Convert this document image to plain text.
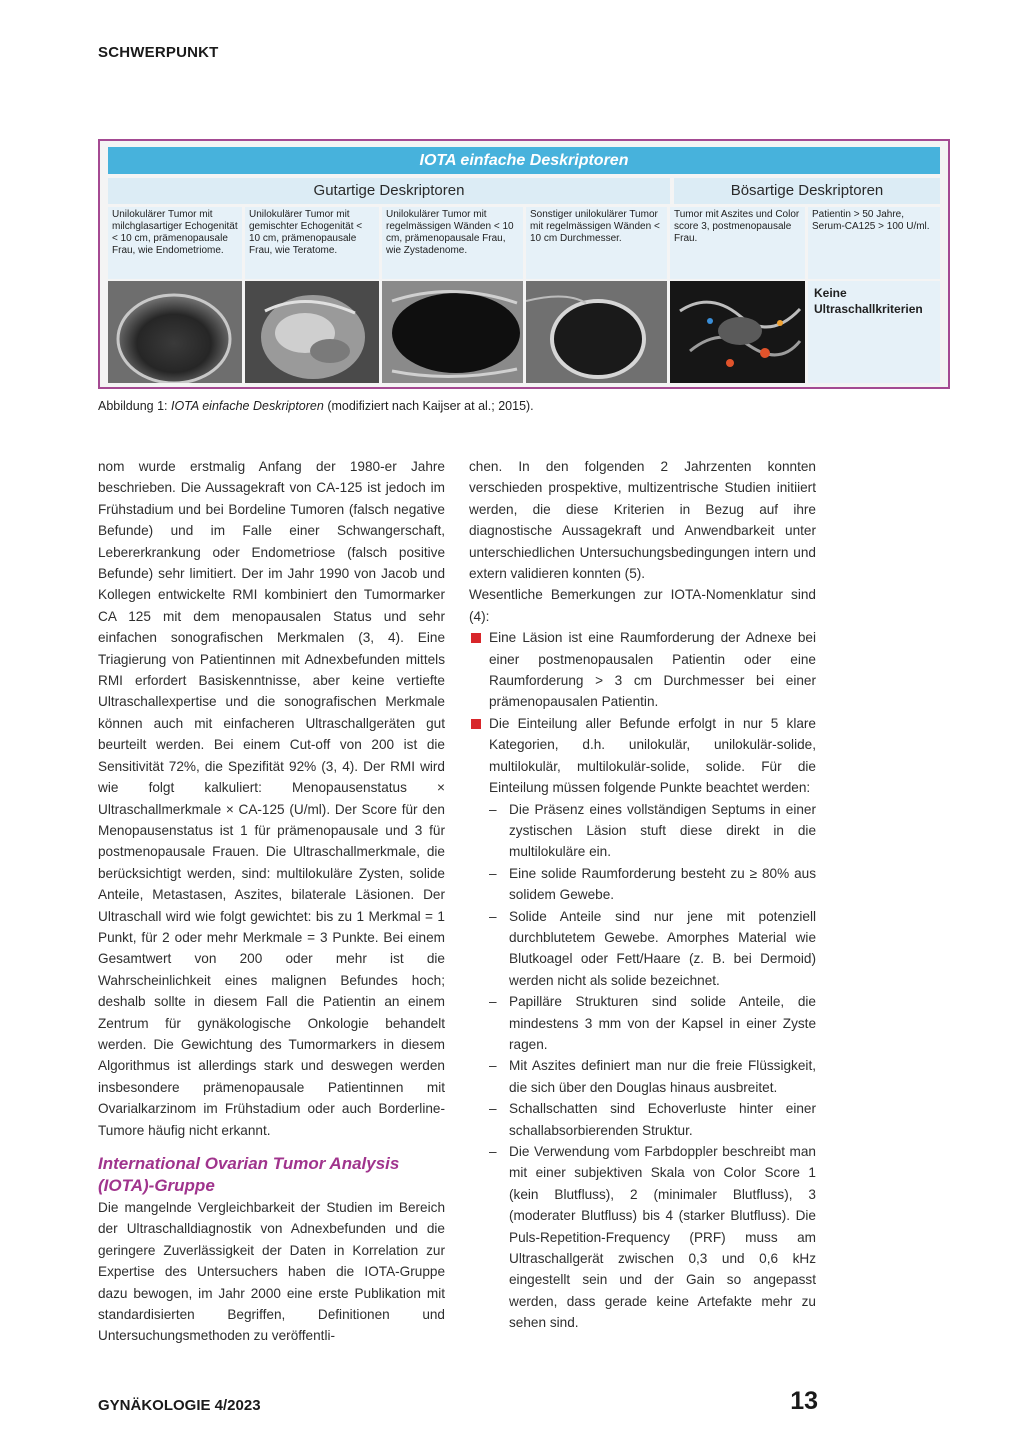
SCHWERPUNKT
IOTA einfache Deskriptoren
Gutartige Deskriptoren	Bösartige Deskriptoren
Unilokulärer Tumor mit milchglasartiger Echogenität < 10 cm, prämenopausale Frau, wie Endometriome.
Unilokulärer Tumor mit gemischter Echogenität < 10 cm, prämenopausale Frau, wie Teratome.
Unilokulärer Tumor mit regelmässigen Wänden < 10 cm, prämenopausale Frau, wie Zystadenome.
Sonstiger unilokulärer Tumor mit regelmässigen Wänden < 10 cm Durchmesser.
Tumor mit Aszites und Color score 3, postmenopausale Frau.
Patientin > 50 Jahre, Serum-CA125 > 100 U/ml.
Keine Ultraschallkriterien
Abbildung 1: IOTA einfache Deskriptoren (modifiziert nach Kaijser at al.; 2015).

nom wurde erstmalig Anfang der 1980-er Jahre beschrieben. Die Aussagekraft von CA-125 ist jedoch im Frühstadium und bei Bordeline Tumoren (falsch negative Befunde) und im Falle einer Schwangerschaft, Lebererkrankung oder Endometriose (falsch positive Befunde) sehr limitiert. Der im Jahr 1990 von Jacob und Kollegen entwickelte RMI kombiniert den Tumormarker CA 125 mit dem menopausalen Status und sehr einfachen sonografischen Merkmalen (3, 4). Eine Triagierung von Patientinnen mit Adnexbefunden mittels RMI erfordert Basiskenntnisse, aber keine vertiefte Ultraschallexpertise und die sonografischen Merkmale können auch mit einfacheren Ultraschallgeräten gut beurteilt werden. Bei einem Cut-off von 200 ist die Sensitivität 72%, die Spezifität 92% (3, 4). Der RMI wird wie folgt kalkuliert: Menopausenstatus × Ultraschallmerkmale × CA-125 (U/ml). Der Score für den Menopausenstatus ist 1 für prämenopausale und 3 für postmenopausale Frauen. Die Ultraschallmerkmale, die berücksichtigt werden, sind: multilokuläre Zysten, solide Anteile, Metastasen, Aszites, bilaterale Läsionen. Der Ultraschall wird wie folgt gewichtet: bis zu 1 Merkmal = 1 Punkt, für 2 oder mehr Merkmale = 3 Punkte. Bei einem Gesamtwert von 200 oder mehr ist die Wahrscheinlichkeit eines malignen Befundes hoch; deshalb sollte in diesem Fall die Patientin an einem Zentrum für gynäkologische Onkologie behandelt werden. Die Gewichtung des Tumormarkers in diesem Algorithmus ist allerdings stark und deswegen werden insbesondere prämenopausale Patientinnen mit Ovarialkarzinom im Frühstadium oder auch Borderline-Tumore häufig nicht erkannt.

International Ovarian Tumor Analysis (IOTA)-Gruppe

Die mangelnde Vergleichbarkeit der Studien im Bereich der Ultraschalldiagnostik von Adnexbefunden und die geringere Zuverlässigkeit der Daten in Korrelation zur Expertise des Untersuchers haben die IOTA-Gruppe dazu bewogen, im Jahr 2000 eine erste Publikation mit standardisierten Begriffen, Definitionen und Untersuchungsmethoden zu veröffentli-

chen. In den folgenden 2 Jahrzenten konnten verschieden prospektive, multizentrische Studien initiiert werden, die diese Kriterien in Bezug auf ihre diagnostische Aussagekraft und Anwendbarkeit unter unterschiedlichen Untersuchungsbedingungen intern und extern validieren konnten (5).

Wesentliche Bemerkungen zur IOTA-Nomenklatur sind (4):

Eine Läsion ist eine Raumforderung der Adnexe bei einer postmenopausalen Patientin oder eine Raumforderung > 3 cm Durchmesser bei einer prämenopausalen Patientin.
Die Einteilung aller Befunde erfolgt in nur 5 klare Kategorien, d.h. unilokulär, unilokulär-solide, multilokulär, multilokulär-solide, solide. Für die Einteilung müssen folgende Punkte beachtet werden:
– Die Präsenz eines vollständigen Septums in einer zystischen Läsion stuft diese direkt in die multilokuläre ein.
– Eine solide Raumforderung besteht zu ≥ 80% aus solidem Gewebe.
– Solide Anteile sind nur jene mit potenziell durchblutetem Gewebe. Amorphes Material wie Blutkoagel oder Fett/Haare (z. B. bei Dermoid) werden nicht als solide bezeichnet.
– Papilläre Strukturen sind solide Anteile, die mindestens 3 mm von der Kapsel in einer Zyste ragen.
– Mit Aszites definiert man nur die freie Flüssigkeit, die sich über den Douglas hinaus ausbreitet.
– Schallschatten sind Echoverluste hinter einer schallabsorbierenden Struktur.
– Die Verwendung vom Farbdoppler beschreibt man mit einer subjektiven Skala von Color Score 1 (kein Blutfluss), 2 (minimaler Blutfluss), 3 (moderater Blutfluss) bis 4 (starker Blutfluss). Die Puls-Repetition-Frequency (PRF) muss am Ultraschallgerät zwischen 0,3 und 0,6 kHz eingestellt sein und der Gain so angepasst werden, dass gerade keine Artefakte mehr zu sehen sind.
GYNÄKOLOGIE 4/2023	13
